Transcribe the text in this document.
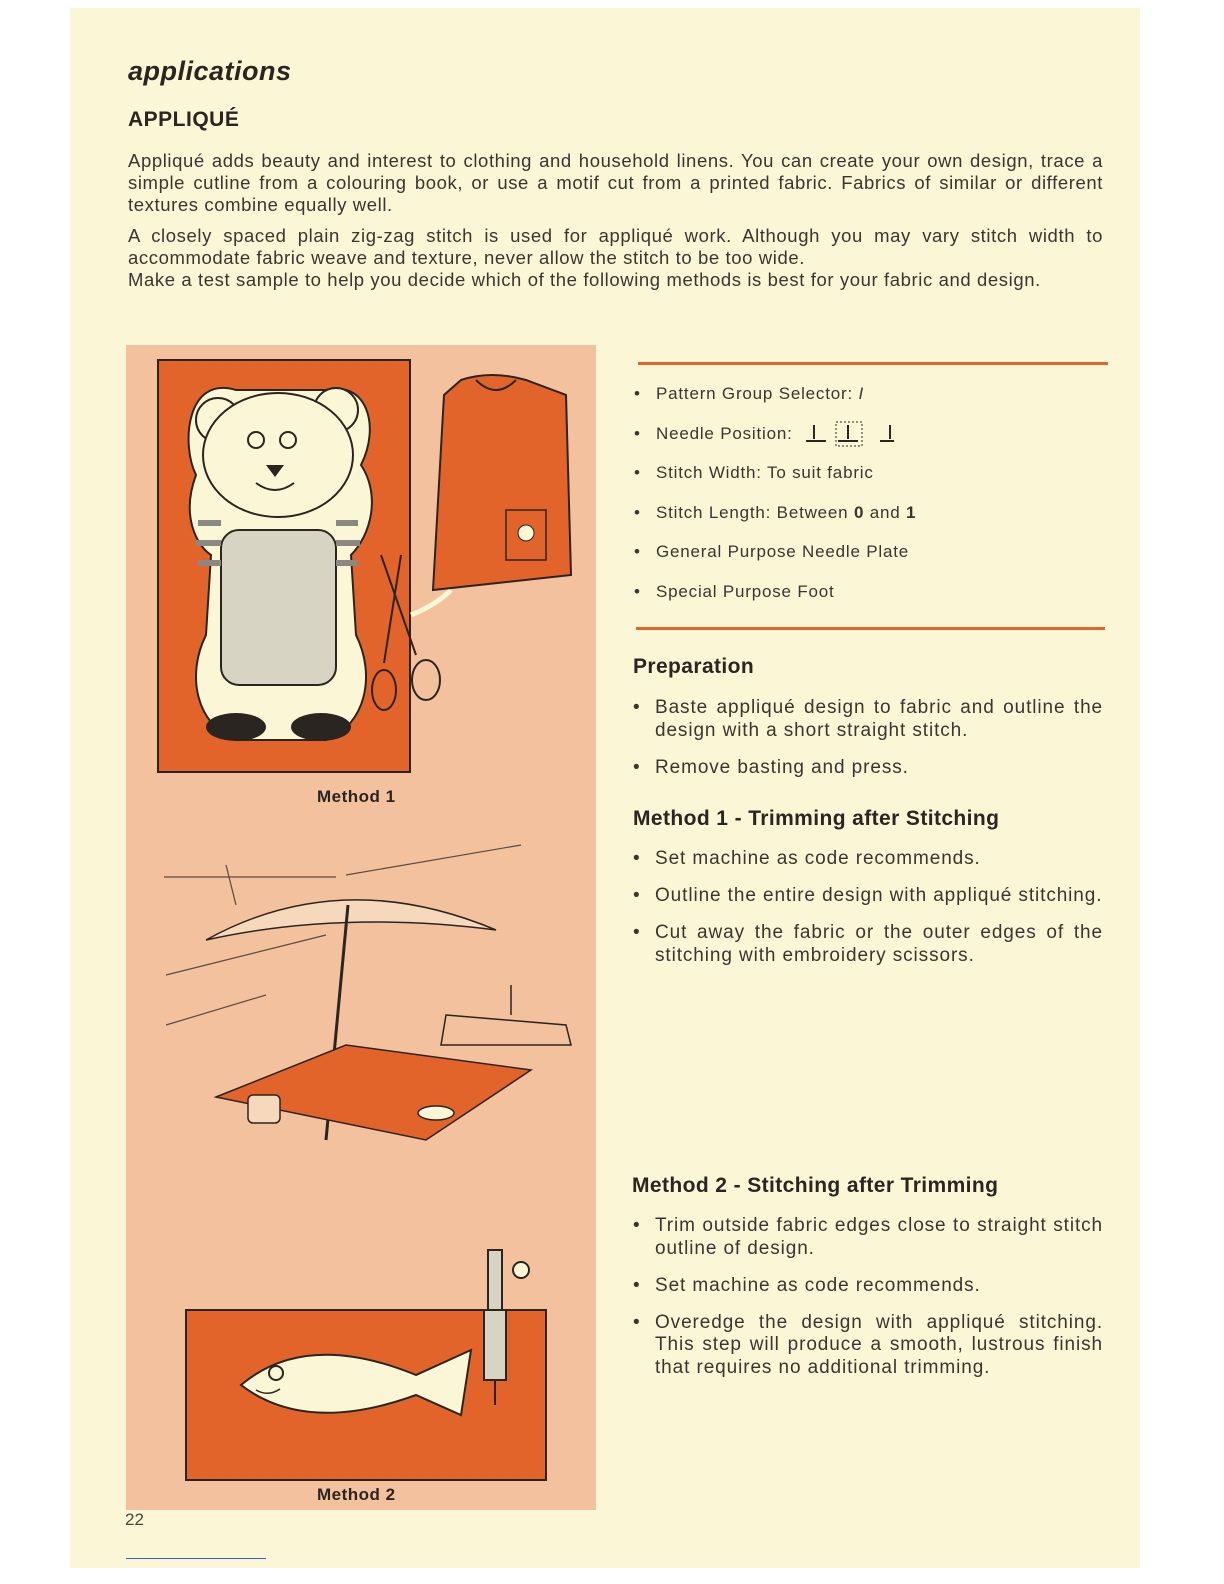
applications
APPLIQUÉ

Appliqué adds beauty and interest to clothing and household linens. You can create your own design, trace a simple cutline from a colouring book, or use a motif cut from a printed fabric. Fabrics of similar or different textures combine equally well.

A closely spaced plain zig-zag stitch is used for appliqué work. Although you may vary stitch width to accommodate fabric weave and texture, never allow the stitch to be too wide.

Make a test sample to help you decide which of the following methods is best for your fabric and design.

Method 1
Method 2
• Pattern Group Selector: I
• Needle Position:
• Stitch Width: To suit fabric
• Stitch Length: Between 0 and 1
• General Purpose Needle Plate
• Special Purpose Foot
Preparation
• Baste appliqué design to fabric and outline the design with a short straight stitch.
• Remove basting and press.
Method 1 - Trimming after Stitching
• Set machine as code recommends.
• Outline the entire design with appliqué stitching.
• Cut away the fabric or the outer edges of the stitching with embroidery scissors.
Method 2 - Stitching after Trimming
• Trim outside fabric edges close to straight stitch outline of design.
• Set machine as code recommends.
• Overedge the design with appliqué stitching. This step will produce a smooth, lustrous finish that requires no additional trimming.
22
